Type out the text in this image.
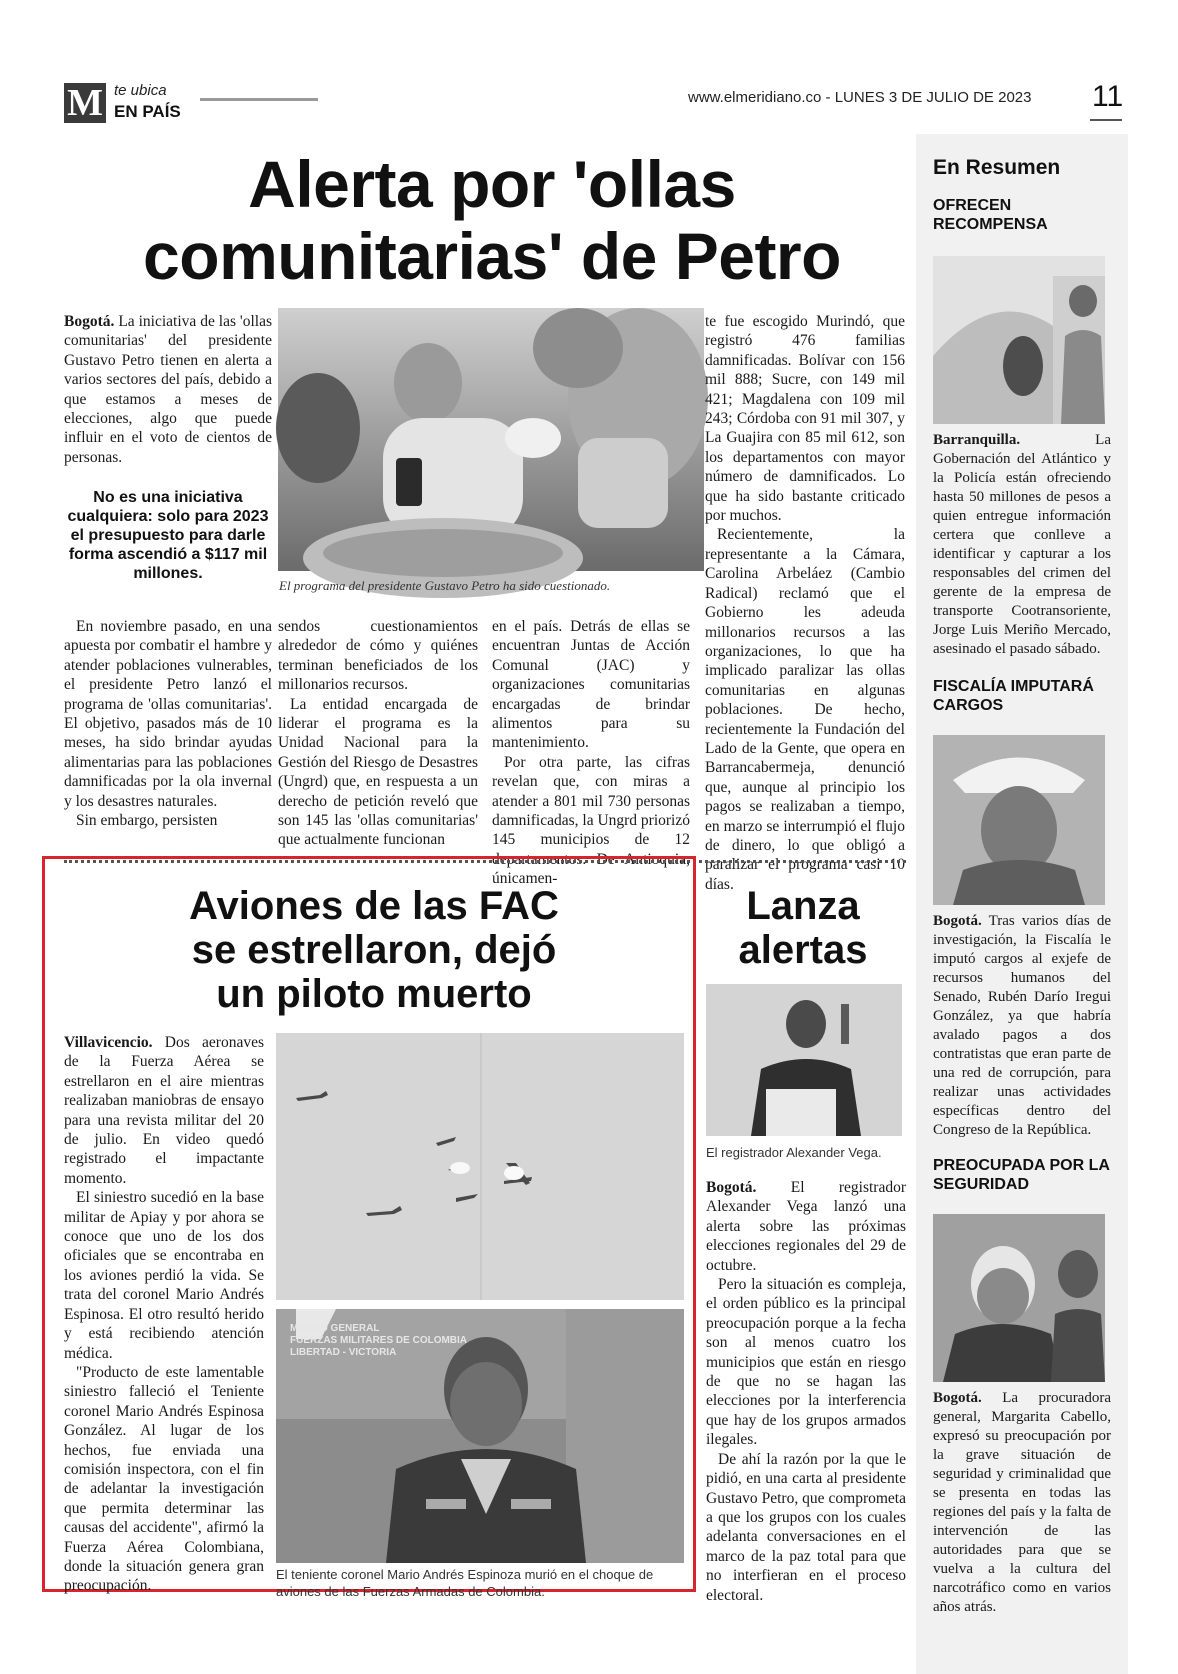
M te ubica
EN PAÍS
www.elmeridiano.co - LUNES 3 DE JULIO DE 2023 11
Alerta por 'ollas
comunitarias' de Petro

Bogotá. La iniciativa de las 'ollas comunitarias' del presidente Gustavo Petro tienen en alerta a varios sectores del país, debido a que estamos a meses de elecciones, algo que puede influir en el voto de cientos de personas.

No es una iniciativa cualquiera: solo para 2023 el presupuesto para darle forma ascendió a $117 mil millones.
El programa del presidente Gustavo Petro ha sido cuestionado.

En noviembre pasado, en una apuesta por combatir el hambre y atender poblaciones vulnerables, el presidente Petro lanzó el programa de 'ollas comunitarias'. El objetivo, pasados más de 10 meses, ha sido brindar ayudas alimentarias para las poblaciones damnificadas por la ola invernal y los desastres naturales.

Sin embargo, persisten

sendos cuestionamientos alrededor de cómo y quiénes terminan beneficiados de los millonarios recursos.

La entidad encargada de liderar el programa es la Unidad Nacional para la Gestión del Riesgo de Desastres (Ungrd) que, en respuesta a un derecho de petición reveló que son 145 las 'ollas comunitarias' que actualmente funcionan

en el país. Detrás de ellas se encuentran Juntas de Acción Comunal (JAC) y organizaciones comunitarias encargadas de brindar alimentos para su mantenimiento.

Por otra parte, las cifras revelan que, con miras a atender a 801 mil 730 personas damnificadas, la Ungrd priorizó 145 municipios de 12 departamentos. De Antioquia, únicamen-

te fue escogido Murindó, que registró 476 familias damnificadas. Bolívar con 156 mil 888; Sucre, con 149 mil 421; Magdalena con 109 mil 243; Córdoba con 91 mil 307, y La Guajira con 85 mil 612, son los departamentos con mayor número de damnificados. Lo que ha sido bastante criticado por muchos.

Recientemente, la representante a la Cámara, Carolina Arbeláez (Cambio Radical) reclamó que el Gobierno les adeuda millonarios recursos a las organizaciones, lo que ha implicado paralizar las ollas comunitarias en algunas poblaciones. De hecho, recientemente la Fundación del Lado de la Gente, que opera en Barrancabermeja, denunció que, aunque al principio los pagos se realizaban a tiempo, en marzo se interrumpió el flujo de dinero, lo que obligó a paralizar el programa casi 10 días.

Aviones de las FAC
se estrellaron, dejó
un piloto muerto

Villavicencio. Dos aeronaves de la Fuerza Aérea se estrellaron en el aire mientras realizaban maniobras de ensayo para una revista militar del 20 de julio. En video quedó registrado el impactante momento.

El siniestro sucedió en la base militar de Apiay y por ahora se conoce que uno de los dos oficiales que se encontraba en los aviones perdió la vida. Se trata del coronel Mario Andrés Espinosa. El otro resultó herido y está recibiendo atención médica.

"Producto de este lamentable siniestro falleció el Teniente coronel Mario Andrés Espinosa González. Al lugar de los hechos, fue enviada una comisión inspectora, con el fin de adelantar la investigación que permita determinar las causas del accidente", afirmó la Fuerza Aérea Colombiana, donde la situación genera gran preocupación.

MANDO GENERAL
FUERZAS MILITARES DE COLOMBIA
LIBERTAD - VICTORIA
El teniente coronel Mario Andrés Espinoza murió en el choque de aviones de las Fuerzas Armadas de Colombia.
Lanza
alertas
El registrador Alexander Vega.

Bogotá. El registrador Alexander Vega lanzó una alerta sobre las próximas elecciones regionales del 29 de octubre.

Pero la situación es compleja, el orden público es la principal preocupación porque a la fecha son al menos cuatro los municipios que están en riesgo de que no se hagan las elecciones por la interferencia que hay de los grupos armados ilegales.

De ahí la razón por la que le pidió, en una carta al presidente Gustavo Petro, que comprometa a que los grupos con los cuales adelanta conversaciones en el marco de la paz total para que no interfieran en el proceso electoral.

En Resumen
OFRECEN RECOMPENSA
Barranquilla.	La Gobernación del Atlántico y la Policía están ofreciendo hasta 50 millones de pesos a quien entregue información certera que conlleve a identificar y capturar a los responsables del crimen del gerente de la empresa de transporte Cootransoriente, Jorge Luis Meriño Mercado, asesinado el pasado sábado.
FISCALÍA IMPUTARÁ CARGOS
Bogotá. Tras varios días de investigación, la Fiscalía le imputó cargos al exjefe de recursos humanos del Senado, Rubén Darío Iregui González, ya que habría avalado pagos a dos contratistas que eran parte de una red de corrupción, para realizar unas actividades específicas dentro del Congreso de la República.
PREOCUPADA POR LA SEGURIDAD
Bogotá. La procuradora general, Margarita Cabello, expresó su preocupación por la grave situación de seguridad y criminalidad que se presenta en todas las regiones del país y la falta de intervención de las autoridades para que se vuelva a la cultura del narcotráfico como en varios años atrás.
